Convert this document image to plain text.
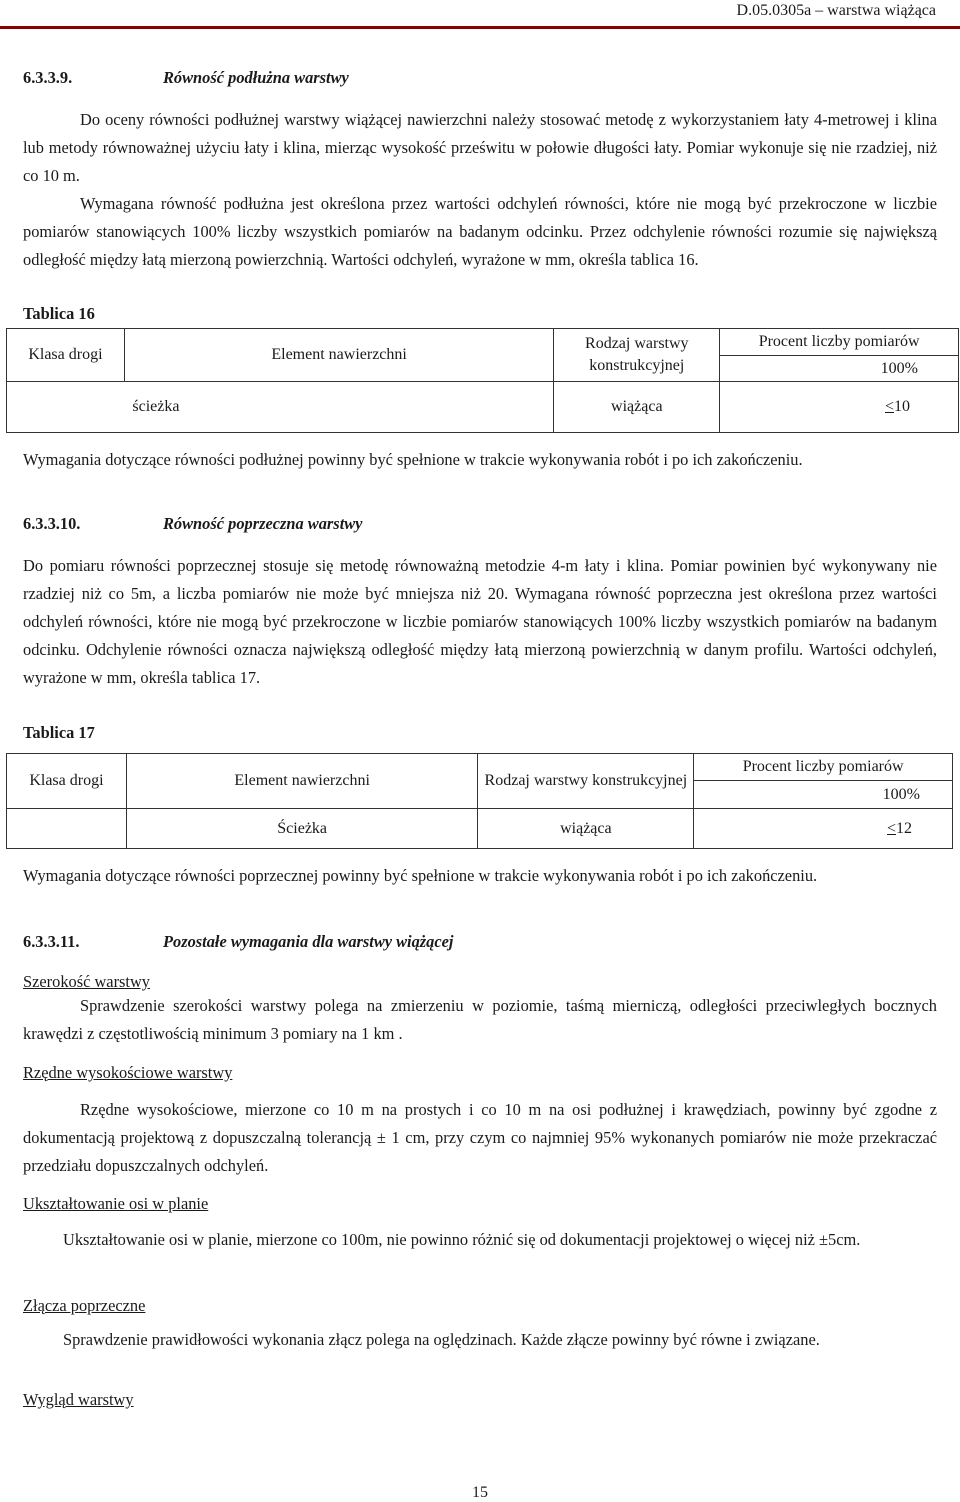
D.05.0305a – warstwa wiążąca
6.3.3.9.	Równość podłużna warstwy

Do oceny równości podłużnej warstwy wiążącej nawierzchni należy stosować metodę z wykorzystaniem łaty 4-metrowej i klina lub metody równoważnej użyciu łaty i klina, mierząc wysokość prześwitu w połowie długości łaty. Pomiar wykonuje się nie rzadziej, niż co 10 m.

Wymagana równość podłużna jest określona przez wartości odchyleń równości, które nie mogą być przekroczone w liczbie pomiarów stanowiących 100% liczby wszystkich pomiarów na badanym odcinku. Przez odchylenie równości rozumie się największą odległość między łatą mierzoną powierzchnią. Wartości odchyleń, wyrażone w mm, określa tablica 16.

Tablica 16
Klasa drogi	Element nawierzchni	Rodzaj warstwy konstrukcyjnej	Procent liczby pomiarów
			100%
	ścieżka	wiążąca	<10

Wymagania dotyczące równości podłużnej powinny być spełnione w trakcie wykonywania robót i po ich zakończeniu.

6.3.3.10.	Równość poprzeczna warstwy

Do pomiaru równości poprzecznej stosuje się metodę równoważną metodzie 4-m łaty i klina. Pomiar powinien być wykonywany nie rzadziej niż co 5m, a liczba pomiarów nie może być mniejsza niż 20. Wymagana równość poprzeczna jest określona przez wartości odchyleń równości, które nie mogą być przekroczone w liczbie pomiarów stanowiących 100% liczby wszystkich pomiarów na badanym odcinku. Odchylenie równości oznacza największą odległość między łatą mierzoną powierzchnią w danym profilu. Wartości odchyleń, wyrażone w mm, określa tablica 17.

Tablica 17
Klasa drogi	Element nawierzchni	Rodzaj warstwy konstrukcyjnej	Procent liczby pomiarów
			100%
	Ścieżka	wiążąca	<12

Wymagania dotyczące równości poprzecznej powinny być spełnione w trakcie wykonywania robót i po ich zakończeniu.

6.3.3.11.	Pozostałe wymagania dla warstwy wiążącej
Szerokość warstwy

Sprawdzenie szerokości warstwy polega na zmierzeniu w poziomie, taśmą mierniczą, odległości przeciwległych bocznych krawędzi z częstotliwością minimum 3 pomiary na 1 km .

Rzędne wysokościowe warstwy

Rzędne wysokościowe, mierzone co 10 m na prostych i co 10 m na osi podłużnej i krawędziach, powinny być zgodne z dokumentacją projektową z dopuszczalną tolerancją ± 1 cm, przy czym co najmniej 95% wykonanych pomiarów nie może przekraczać przedziału dopuszczalnych odchyleń.

Ukształtowanie osi w planie

Ukształtowanie osi w planie, mierzone co 100m, nie powinno różnić się od dokumentacji projektowej o więcej niż ±5cm.

Złącza poprzeczne

Sprawdzenie prawidłowości wykonania złącz polega na oględzinach. Każde złącze powinny być równe i związane.

Wygląd warstwy
15
